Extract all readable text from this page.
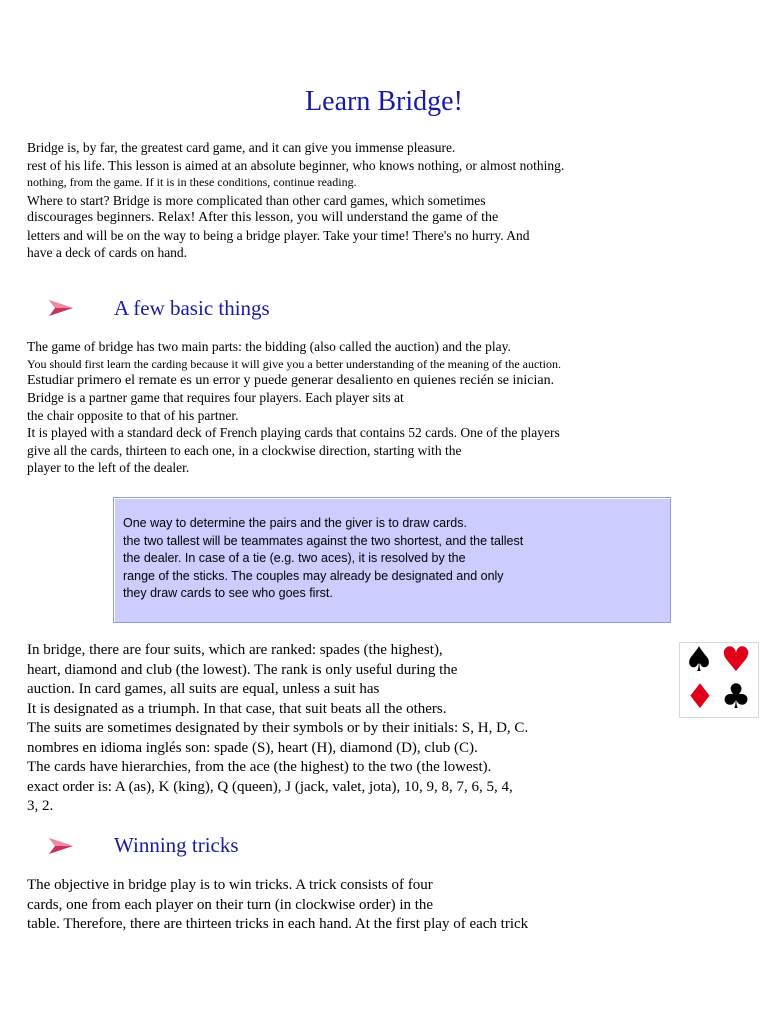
Learn Bridge!
Bridge is, by far, the greatest card game, and it can give you immense pleasure.
rest of his life. This lesson is aimed at an absolute beginner, who knows nothing, or almost nothing.
nothing, from the game. If it is in these conditions, continue reading.
Where to start? Bridge is more complicated than other card games, which sometimes
discourages beginners. Relax! After this lesson, you will understand the game of the
letters and will be on the way to being a bridge player. Take your time! There's no hurry. And
have a deck of cards on hand.
A few basic things
The game of bridge has two main parts: the bidding (also called the auction) and the play.
You should first learn the carding because it will give you a better understanding of the meaning of the auction.
Estudiar primero el remate es un error y puede generar desaliento en quienes recién se inician.
Bridge is a partner game that requires four players. Each player sits at
the chair opposite to that of his partner.
It is played with a standard deck of French playing cards that contains 52 cards. One of the players
give all the cards, thirteen to each one, in a clockwise direction, starting with the
player to the left of the dealer.
One way to determine the pairs and the giver is to draw cards.
the two tallest will be teammates against the two shortest, and the tallest
the dealer. In case of a tie (e.g. two aces), it is resolved by the
range of the sticks. The couples may already be designated and only
they draw cards to see who goes first.
In bridge, there are four suits, which are ranked: spades (the highest),
heart, diamond and club (the lowest). The rank is only useful during the
auction. In card games, all suits are equal, unless a suit has
It is designated as a triumph. In that case, that suit beats all the others.
The suits are sometimes designated by their symbols or by their initials: S, H, D, C.
nombres en idioma inglés son: spade (S), heart (H), diamond (D), club (C).
The cards have hierarchies, from the ace (the highest) to the two (the lowest).
exact order is: A (as), K (king), Q (queen), J (jack, valet, jota), 10, 9, 8, 7, 6, 5, 4,
3, 2.
♠ ♥
♦ ♣
Winning tricks
The objective in bridge play is to win tricks. A trick consists of four
cards, one from each player on their turn (in clockwise order) in the
table. Therefore, there are thirteen tricks in each hand. At the first play of each trick
